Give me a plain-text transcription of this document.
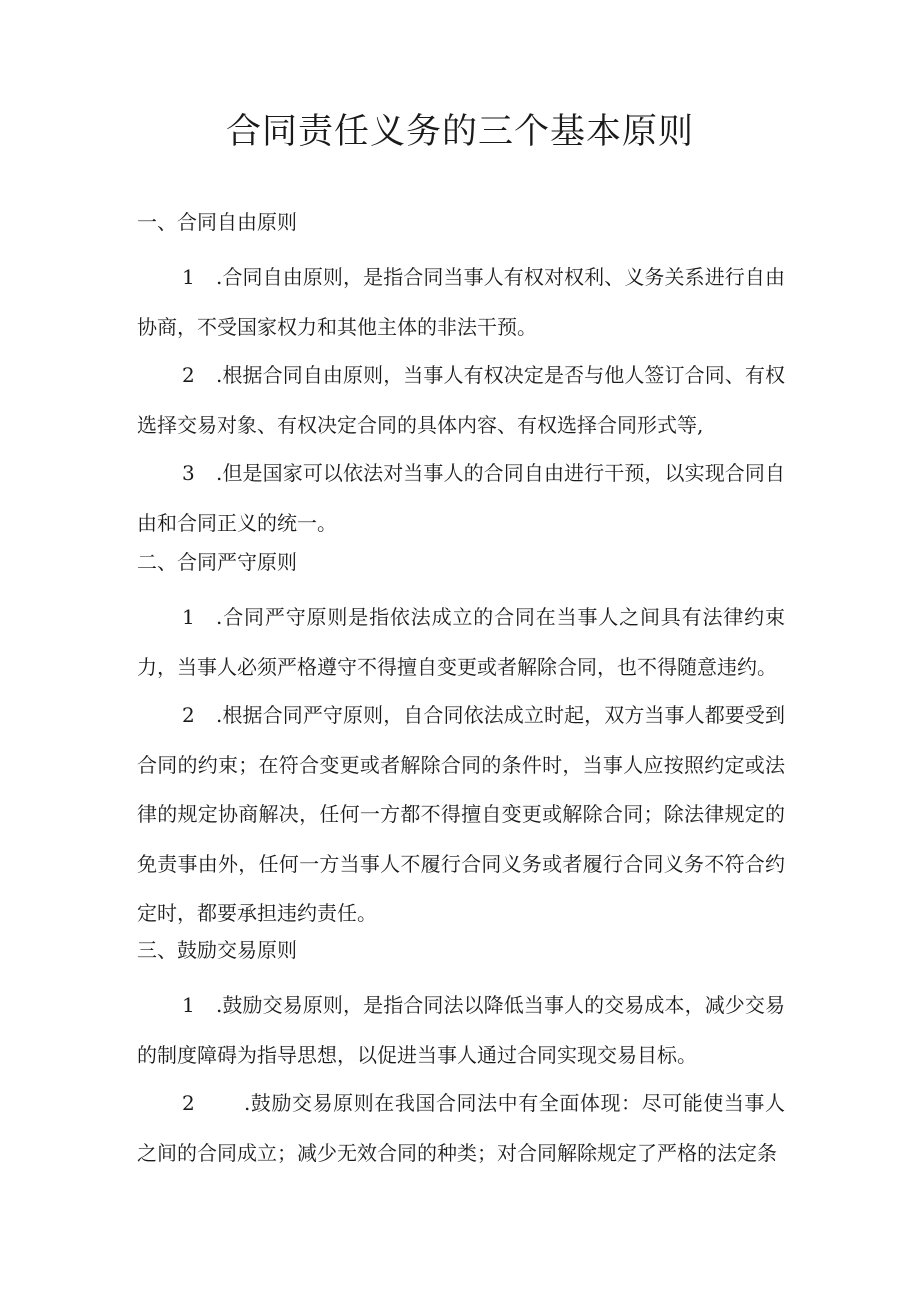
合同责任义务的三个基本原则

一、合同自由原则

1 .合同自由原则，是指合同当事人有权对权利、义务关系进行自由协商，不受国家权力和其他主体的非法干预。

2 .根据合同自由原则，当事人有权决定是否与他人签订合同、有权选择交易对象、有权决定合同的具体内容、有权选择合同形式等,

3 .但是国家可以依法对当事人的合同自由进行干预，以实现合同自由和合同正义的统一。

二、合同严守原则

1 .合同严守原则是指依法成立的合同在当事人之间具有法律约束力，当事人必须严格遵守不得擅自变更或者解除合同，也不得随意违约。

2 .根据合同严守原则，自合同依法成立时起，双方当事人都要受到合同的约束；在符合变更或者解除合同的条件时，当事人应按照约定或法律的规定协商解决，任何一方都不得擅自变更或解除合同；除法律规定的免责事由外，任何一方当事人不履行合同义务或者履行合同义务不符合约定时，都要承担违约责任。

三、鼓励交易原则

1 .鼓励交易原则，是指合同法以降低当事人的交易成本，减少交易的制度障碍为指导思想，以促进当事人通过合同实现交易目标。

2 .鼓励交易原则在我国合同法中有全面体现：尽可能使当事人之间的合同成立；减少无效合同的种类；对合同解除规定了严格的法定条
